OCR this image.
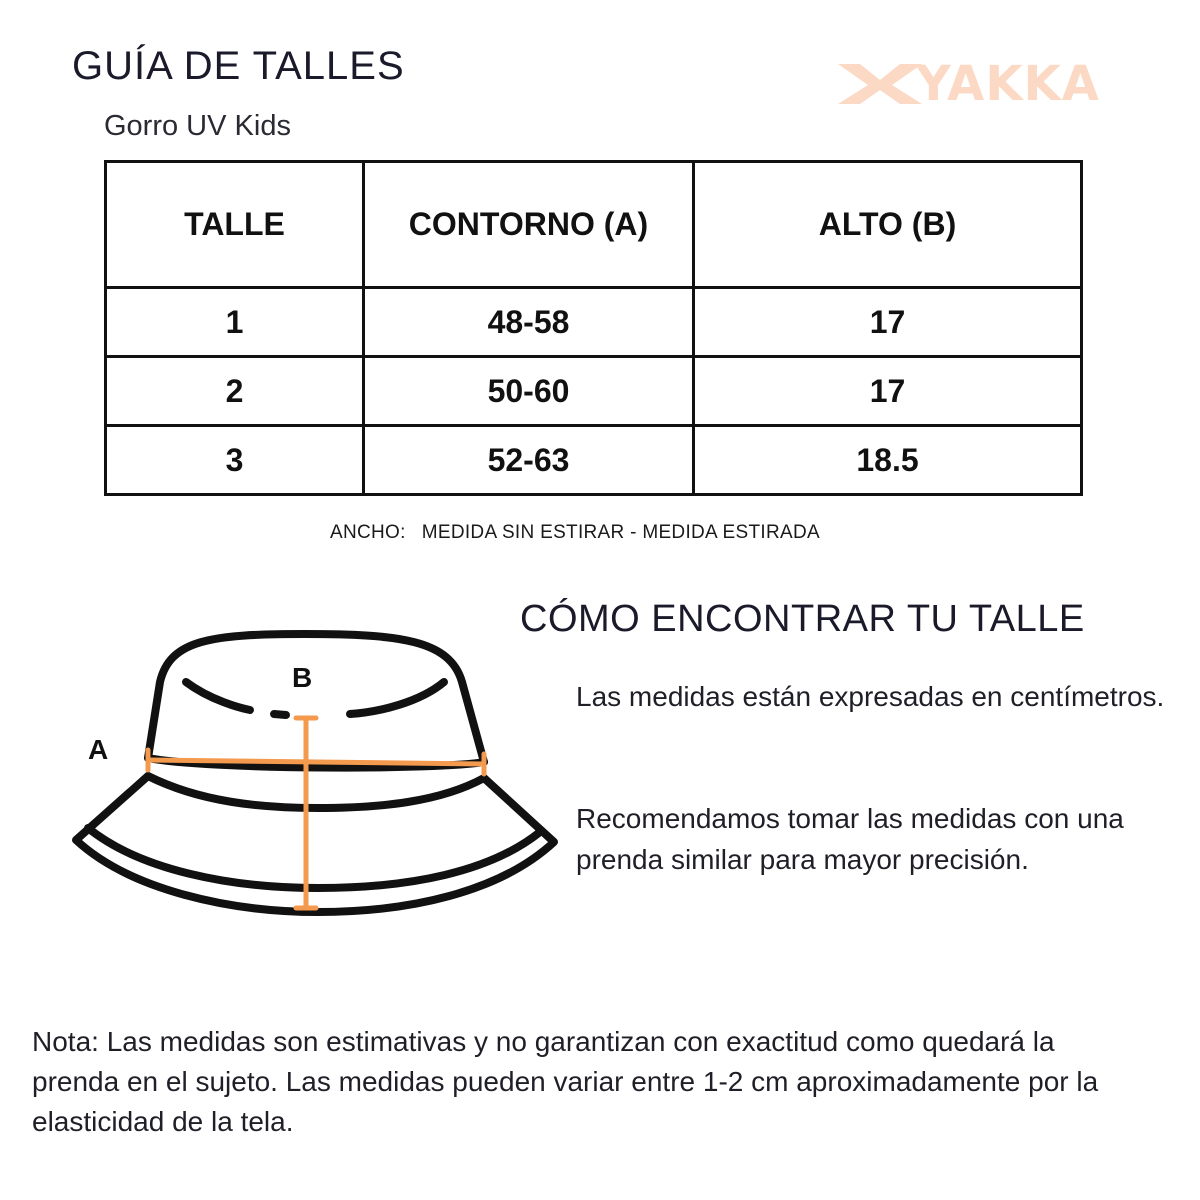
GUÍA DE TALLES
Gorro UV Kids
YAKKA
TALLE	CONTORNO (A)	ALTO (B)
1	48-58	17
2	50-60	17
3	52-63	18.5
ANCHO: MEDIDA SIN ESTIRAR - MEDIDA ESTIRADA
A
B
CÓMO ENCONTRAR TU TALLE
Las medidas están expresadas en centímetros.
Recomendamos tomar las medidas con una prenda similar para mayor precisión.
Nota: Las medidas son estimativas y no garantizan con exactitud como quedará la prenda en el sujeto. Las medidas pueden variar entre 1-2 cm aproximadamente por la elasticidad de la tela.
